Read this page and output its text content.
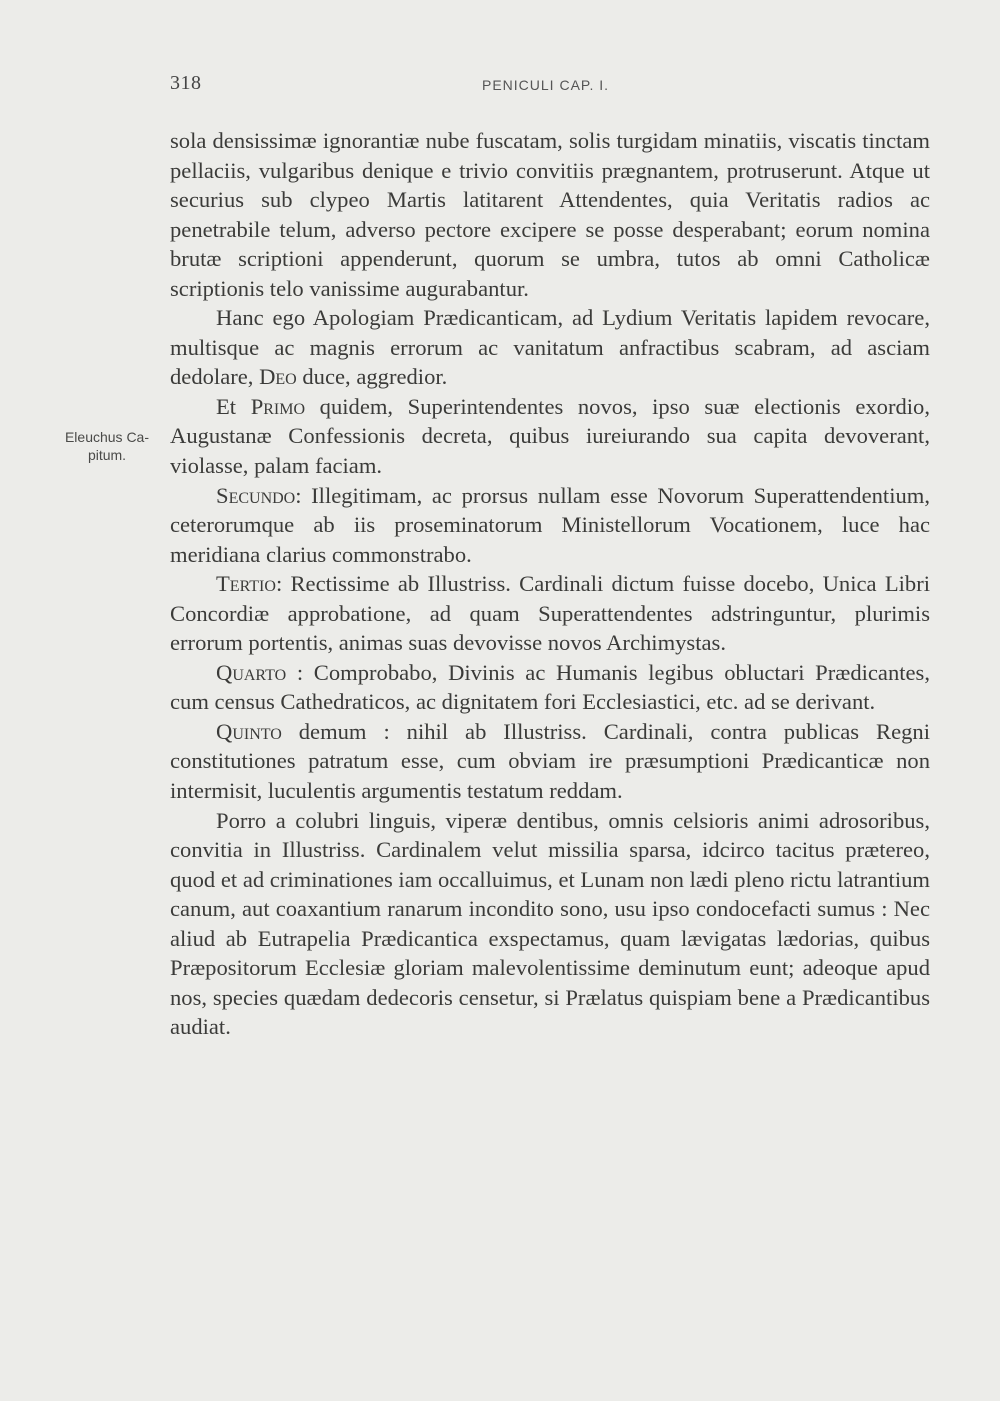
318	PENICULI CAP. I.
Eleuchus Ca-
pitum.

sola densissimæ ignorantiæ nube fuscatam, solis turgidam minatiis, viscatis tinctam pellaciis, vulgaribus denique e trivio convitiis prægnantem, protruserunt. Atque ut securius sub clypeo Martis latitarent Attendentes, quia Veritatis radios ac penetrabile telum, adverso pectore excipere se posse desperabant; eorum nomina brutæ scriptioni appenderunt, quorum se umbra, tutos ab omni Catholicæ scriptionis telo vanissime augurabantur.

Hanc ego Apologiam Prædicanticam, ad Lydium Veritatis lapidem revocare, multisque ac magnis errorum ac vanitatum anfractibus scabram, ad asciam dedolare, Deo duce, aggredior.

Et Primo quidem, Superintendentes novos, ipso suæ electionis exordio, Augustanæ Confessionis decreta, quibus iureiurando sua capita devoverant, violasse, palam faciam.

Secundo: Illegitimam, ac prorsus nullam esse Novorum Superattendentium, ceterorumque ab iis proseminatorum Ministellorum Vocationem, luce hac meridiana clarius commonstrabo.

Tertio: Rectissime ab Illustriss. Cardinali dictum fuisse docebo, Unica Libri Concordiæ approbatione, ad quam Superattendentes adstringuntur, plurimis errorum portentis, animas suas devovisse novos Archimystas.

Quarto : Comprobabo, Divinis ac Humanis legibus obluctari Prædicantes, cum census Cathedraticos, ac dignitatem fori Ecclesiastici, etc. ad se derivant.

Quinto demum : nihil ab Illustriss. Cardinali, contra publicas Regni constitutiones patratum esse, cum obviam ire præsumptioni Prædicanticæ non intermisit, luculentis argumentis testatum reddam.

Porro a colubri linguis, viperæ dentibus, omnis celsioris animi adrosoribus, convitia in Illustriss. Cardinalem velut missilia sparsa, idcirco tacitus prætereo, quod et ad criminationes iam occalluimus, et Lunam non lædi pleno rictu latrantium canum, aut coaxantium ranarum incondito sono, usu ipso condocefacti sumus : Nec aliud ab Eutrapelia Prædicantica exspectamus, quam lævigatas lædorias, quibus Præpositorum Ecclesiæ gloriam malevolentissime deminutum eunt; adeoque apud nos, species quædam dedecoris censetur, si Prælatus quispiam bene a Prædicantibus audiat.
